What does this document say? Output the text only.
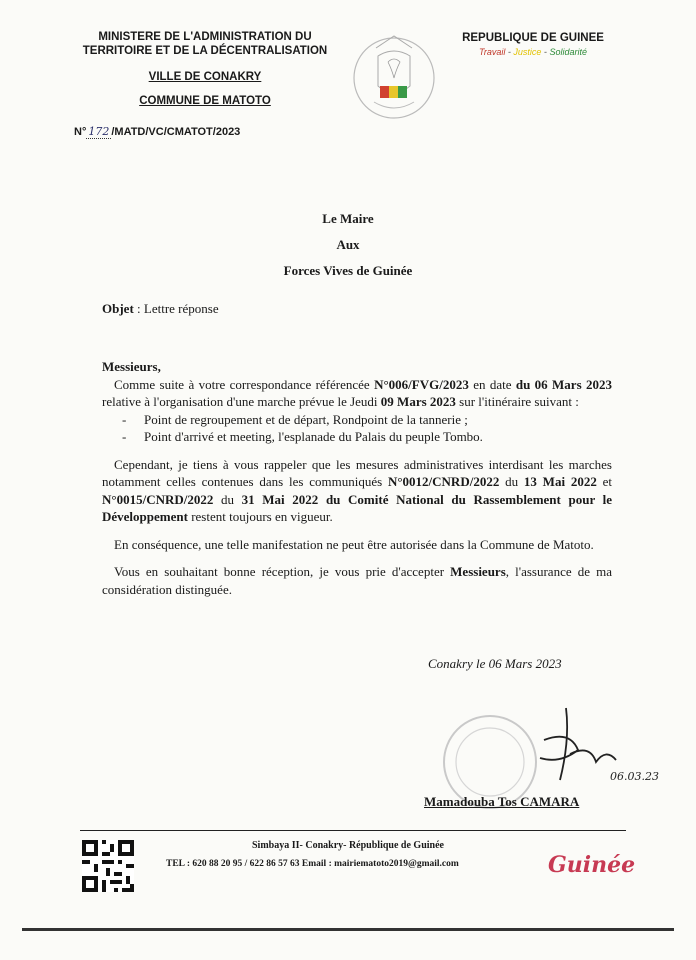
MINISTERE DE L'ADMINISTRATION DU
TERRITOIRE ET DE LA DÉCENTRALISATION
VILLE DE CONAKRY
COMMUNE DE MATOTO
N° 172 /MATD/VC/CMATOT/2023
REPUBLIQUE DE GUINEE
Travail - Justice - Solidarité
Le Maire
Aux
Forces Vives de Guinée
Objet : Lettre réponse

Messieurs,

Comme suite à votre correspondance référencée N°006/FVG/2023 en date du 06 Mars 2023 relative à l'organisation d'une marche prévue le Jeudi 09 Mars 2023 sur l'itinéraire suivant :

- Point de regroupement et de départ, Rondpoint de la tannerie ;
- Point d'arrivé et meeting, l'esplanade du Palais du peuple Tombo.

Cependant, je tiens à vous rappeler que les mesures administratives interdisant les marches notamment celles contenues dans les communiqués N°0012/CNRD/2022 du 13 Mai 2022 et N°0015/CNRD/2022 du 31 Mai 2022 du Comité National du Rassemblement pour le Développement restent toujours en vigueur.

En conséquence, une telle manifestation ne peut être autorisée dans la Commune de Matoto.

Vous en souhaitant bonne réception, je vous prie d'accepter Messieurs, l'assurance de ma considération distinguée.

Conakry le 06 Mars 2023
06.03.23
Mamadouba Tos CAMARA
Simbaya II- Conakry- République de Guinée
TEL : 620 88 20 95 / 622 86 57 63 Email : mairiematoto2019@gmail.com	Guinée
